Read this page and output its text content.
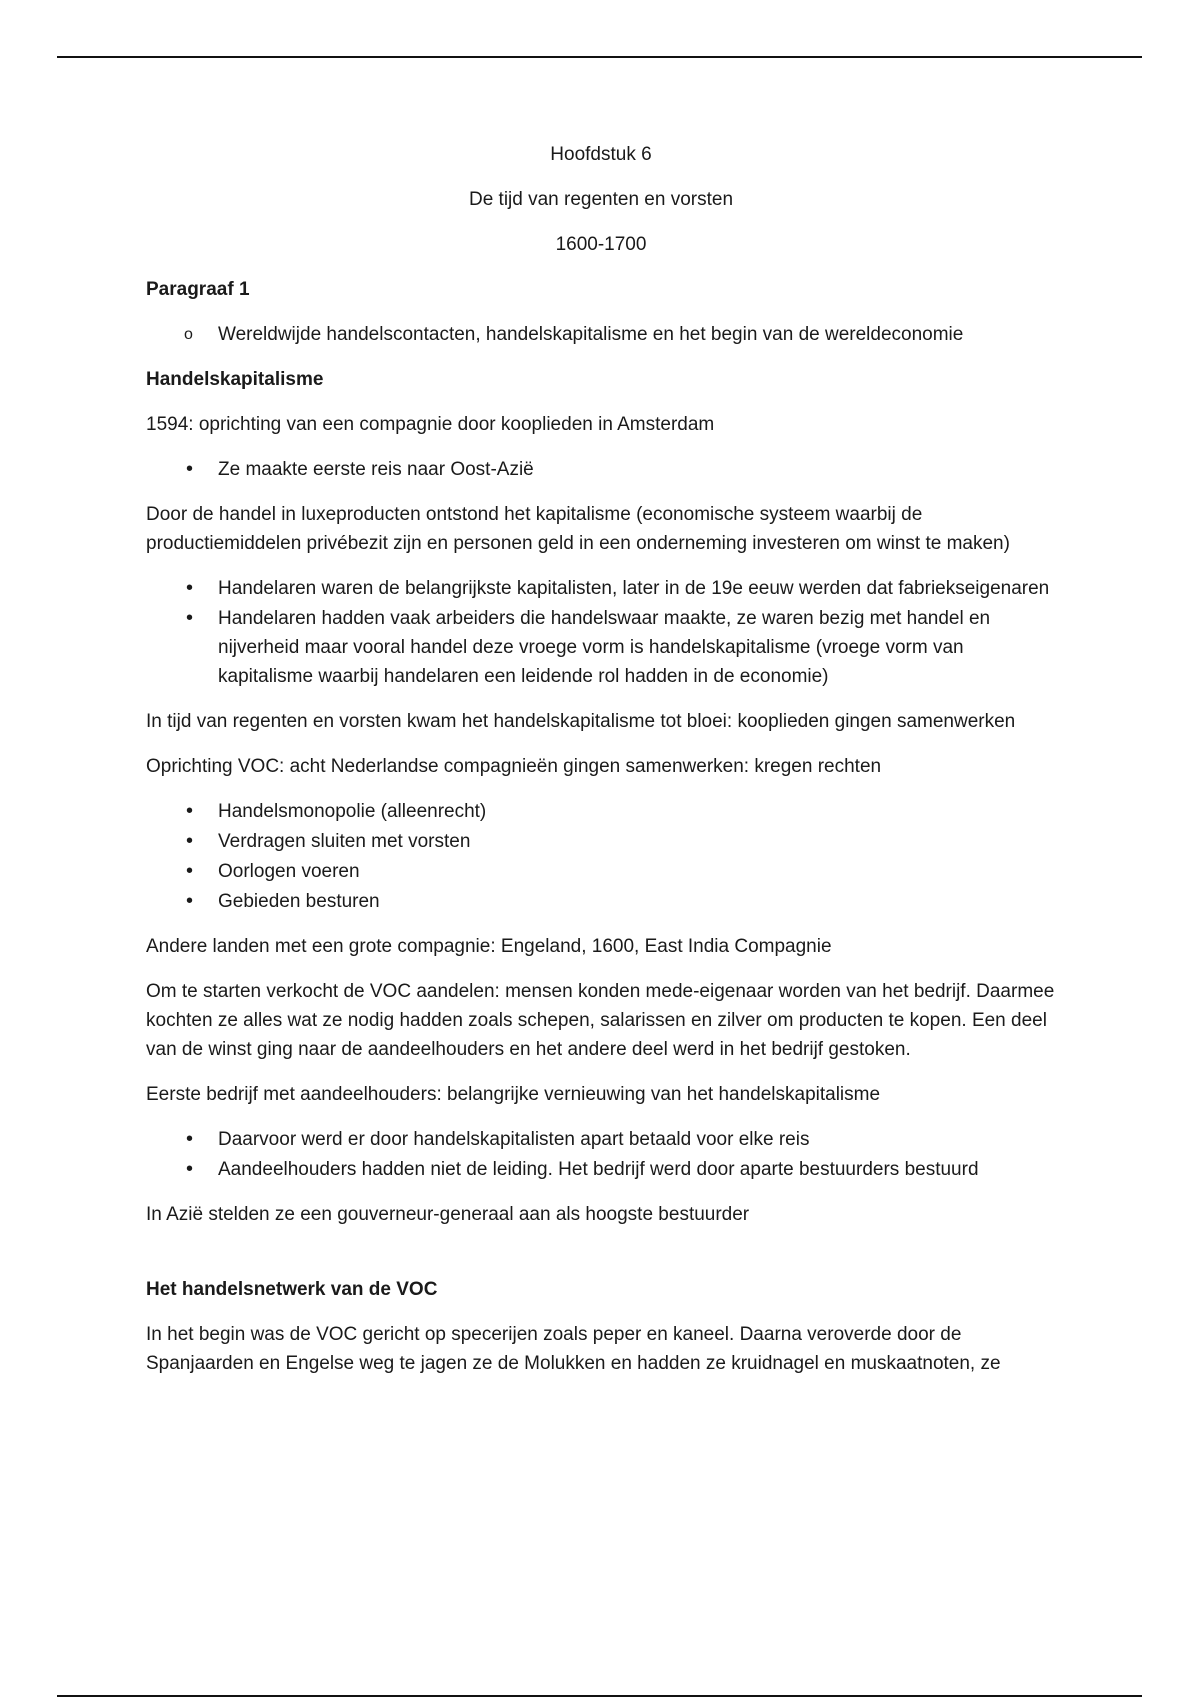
Hoofdstuk 6
De tijd van regenten en vorsten
1600-1700
Paragraaf 1
o Wereldwijde handelscontacten, handelskapitalisme en het begin van de wereldeconomie
Handelskapitalisme

1594: oprichting van een compagnie door kooplieden in Amsterdam

• Ze maakte eerste reis naar Oost-Azië

Door de handel in luxeproducten ontstond het kapitalisme (economische systeem waarbij de productiemiddelen privébezit zijn en personen geld in een onderneming investeren om winst te maken)

• Handelaren waren de belangrijkste kapitalisten, later in de 19e eeuw werden dat fabriekseigenaren
• Handelaren hadden vaak arbeiders die handelswaar maakte, ze waren bezig met handel en nijverheid maar vooral handel deze vroege vorm is handelskapitalisme (vroege vorm van kapitalisme waarbij handelaren een leidende rol hadden in de economie)

In tijd van regenten en vorsten kwam het handelskapitalisme tot bloei: kooplieden gingen samenwerken

Oprichting VOC: acht Nederlandse compagnieën gingen samenwerken: kregen rechten

• Handelsmonopolie (alleenrecht)
• Verdragen sluiten met vorsten
• Oorlogen voeren
• Gebieden besturen

Andere landen met een grote compagnie: Engeland, 1600, East India Compagnie

Om te starten verkocht de VOC aandelen: mensen konden mede-eigenaar worden van het bedrijf. Daarmee kochten ze alles wat ze nodig hadden zoals schepen, salarissen en zilver om producten te kopen. Een deel van de winst ging naar de aandeelhouders en het andere deel werd in het bedrijf gestoken.

Eerste bedrijf met aandeelhouders: belangrijke vernieuwing van het handelskapitalisme

• Daarvoor werd er door handelskapitalisten apart betaald voor elke reis
• Aandeelhouders hadden niet de leiding. Het bedrijf werd door aparte bestuurders bestuurd

In Azië stelden ze een gouverneur-generaal aan als hoogste bestuurder

Het handelsnetwerk van de VOC

In het begin was de VOC gericht op specerijen zoals peper en kaneel. Daarna veroverde door de Spanjaarden en Engelse weg te jagen ze de Molukken en hadden ze kruidnagel en muskaatnoten, ze
